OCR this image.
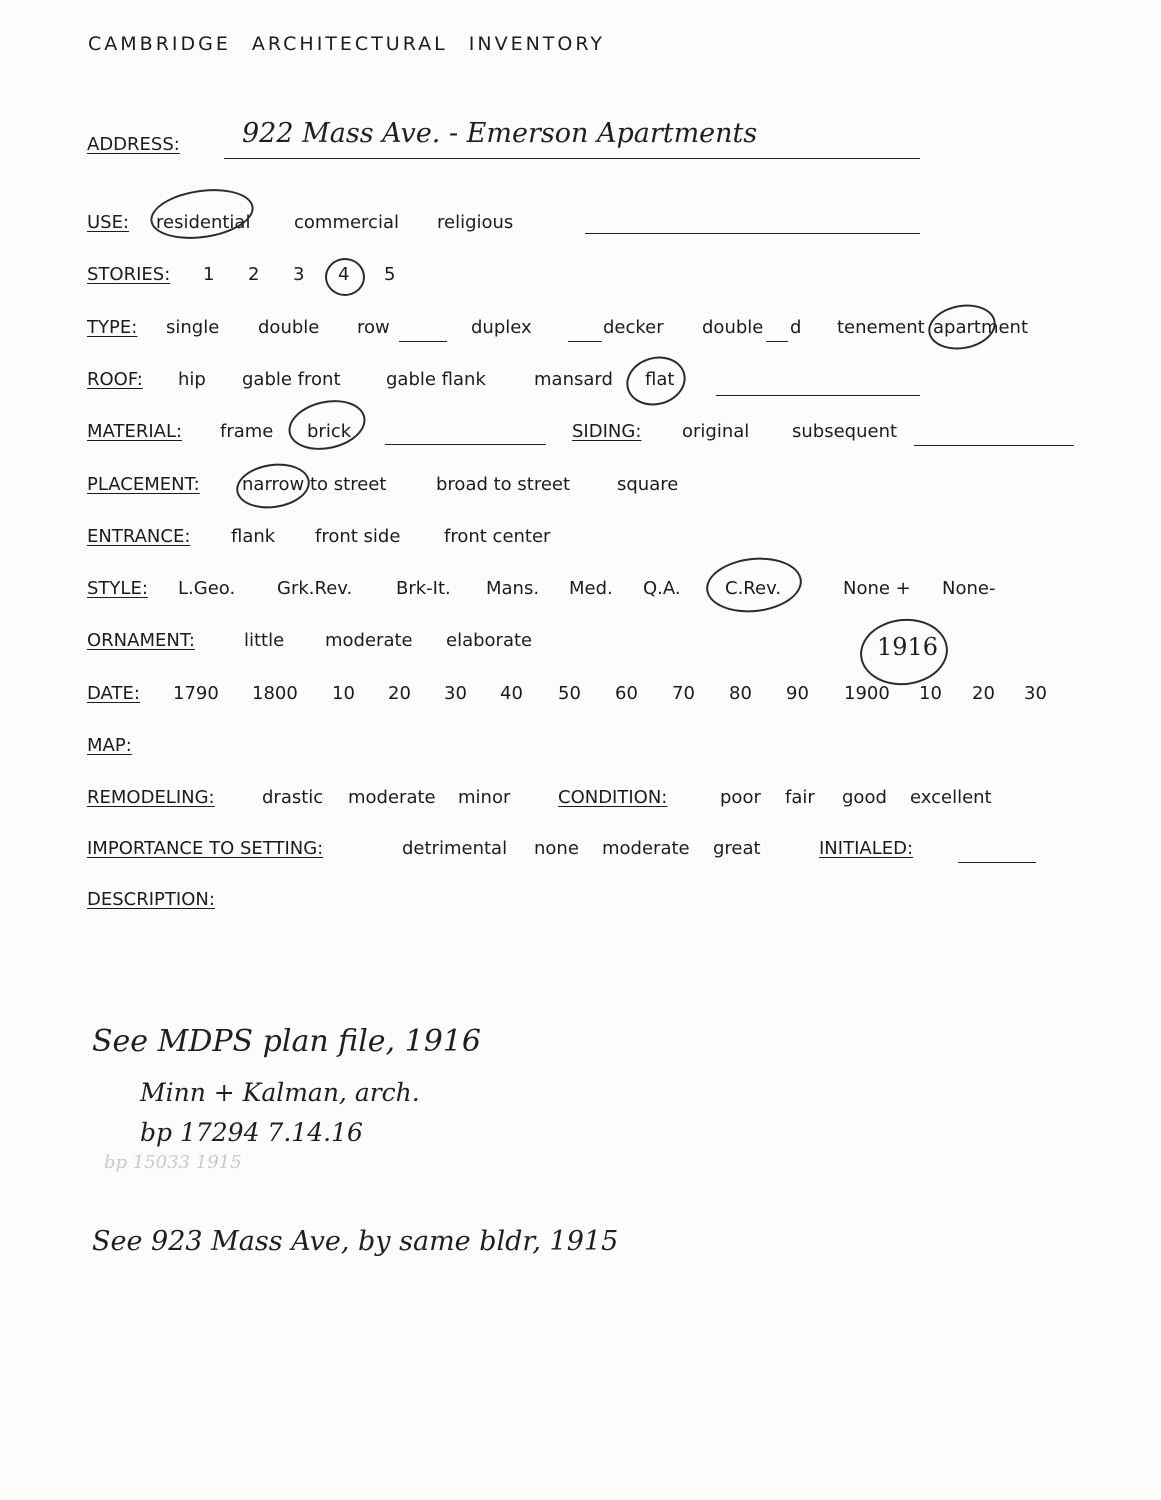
CAMBRIDGE ARCHITECTURAL INVENTORY
ADDRESS: 922 Mass Ave. - Emerson Apartments
USE: residential commercial religious
STORIES: 1 2 3 4 5
TYPE: single double row	duplex	decker double d tenement apartment
ROOF: hip gable front	gable flank	mansard flat
MATERIAL: frame brick	SIDING: original subsequent
PLACEMENT: narrow to street	broad to street	square
ENTRANCE: flank front side front center
STYLE: L.Geo. Grk.Rev. Brk-It. Mans. Med. Q.A. C.Rev.	None + None-
ORNAMENT:	little moderate elaborate
DATE: 1790 1800 10 20 30 40 50 60 70 80 90 1900 10 20 30
1916
MAP:
REMODELING:	drastic moderate minor	CONDITION:	poor fair good excellent
IMPORTANCE TO SETTING:	detrimental none moderate great	INITIALED:
DESCRIPTION:
See MDPS plan file, 1916
Minn + Kalman, arch.
bp 17294 7.14.16
bp 15033 1915
See 923 Mass Ave, by same bldr, 1915
